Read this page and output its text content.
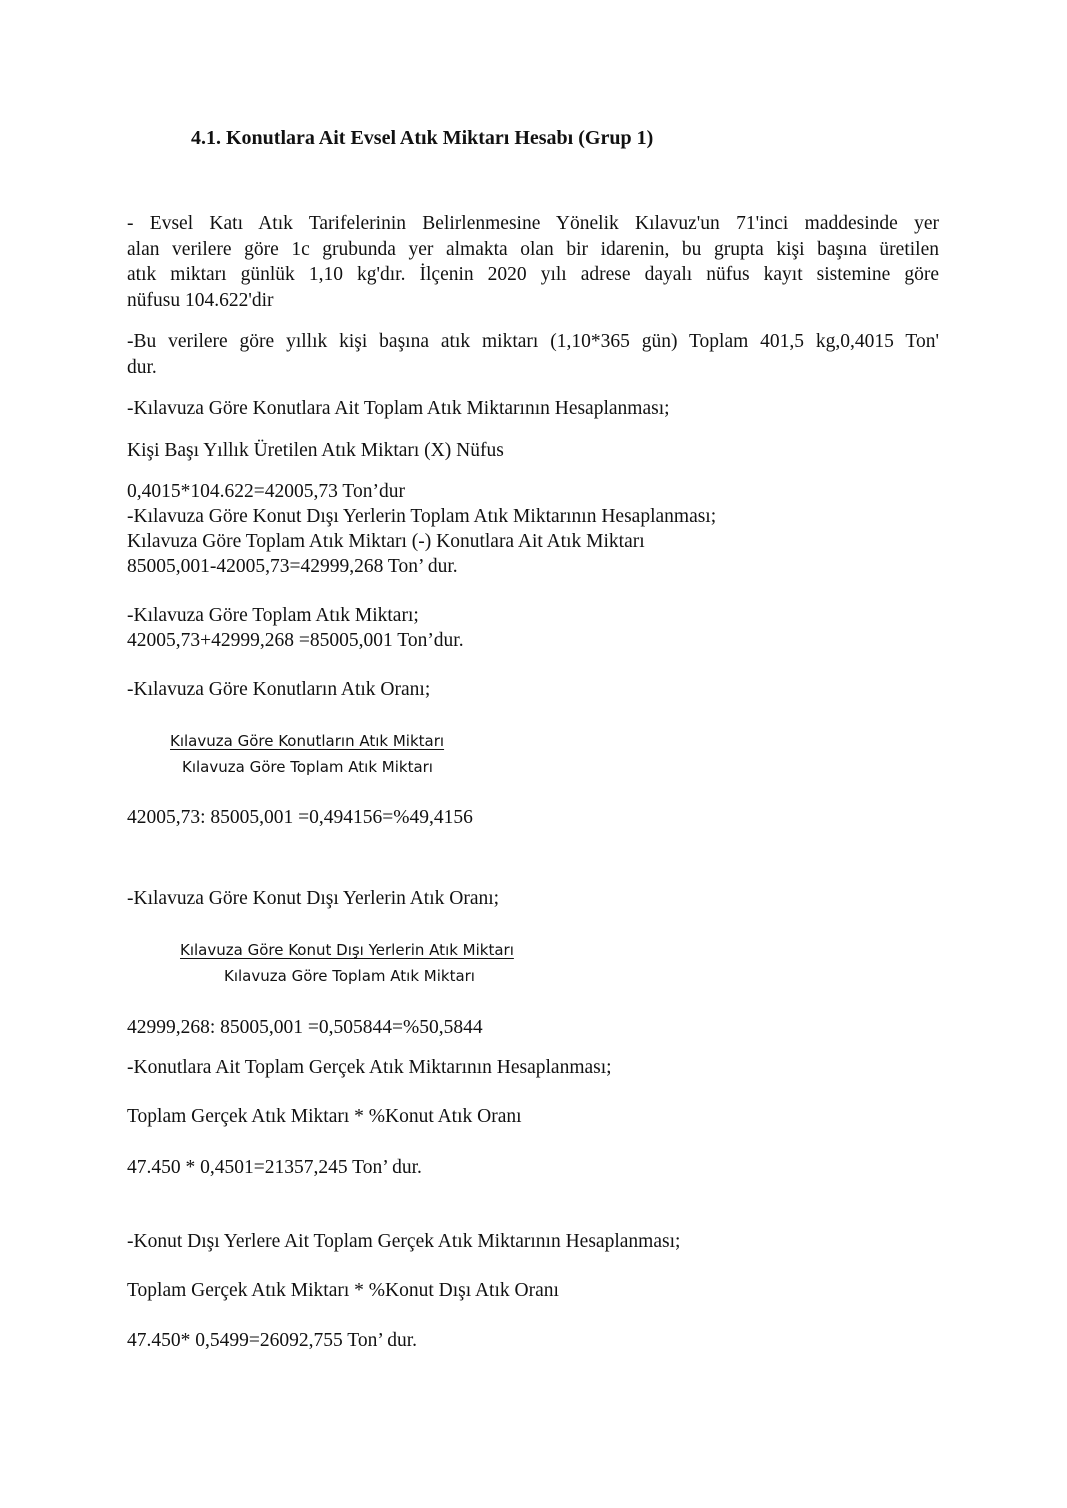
4.1. Konutlara Ait Evsel Atık Miktarı Hesabı (Grup 1)
- Evsel Katı Atık Tarifelerinin Belirlenmesine Yönelik Kılavuz'un 71'inci maddesinde yer
alan verilere göre 1c grubunda yer almakta olan bir idarenin, bu grupta kişi başına üretilen
atık miktarı günlük 1,10 kg'dır. İlçenin 2020 yılı adrese dayalı nüfus kayıt sistemine göre
nüfusu 104.622'dir
-Bu verilere göre yıllık kişi başına atık miktarı (1,10*365 gün) Toplam 401,5 kg,0,4015 Ton'
dur.
-Kılavuza Göre Konutlara Ait Toplam Atık Miktarının Hesaplanması;
Kişi Başı Yıllık Üretilen Atık Miktarı (X) Nüfus
0,4015*104.622=42005,73 Ton’dur
-Kılavuza Göre Konut Dışı Yerlerin Toplam Atık Miktarının Hesaplanması;
Kılavuza Göre Toplam Atık Miktarı (-) Konutlara Ait Atık Miktarı
85005,001-42005,73=42999,268 Ton’ dur.
-Kılavuza Göre Toplam Atık Miktarı;
42005,73+42999,268 =85005,001 Ton’dur.
-Kılavuza Göre Konutların Atık Oranı;
Kılavuza Göre Konutların Atık Miktarı
Kılavuza Göre Toplam Atık Miktarı
42005,73: 85005,001 =0,494156=%49,4156
-Kılavuza Göre Konut Dışı Yerlerin Atık Oranı;
Kılavuza Göre Konut Dışı Yerlerin Atık Miktarı
Kılavuza Göre Toplam Atık Miktarı
42999,268: 85005,001 =0,505844=%50,5844
-Konutlara Ait Toplam Gerçek Atık Miktarının Hesaplanması;
Toplam Gerçek Atık Miktarı * %Konut Atık Oranı
47.450 * 0,4501=21357,245 Ton’ dur.
-Konut Dışı Yerlere Ait Toplam Gerçek Atık Miktarının Hesaplanması;
Toplam Gerçek Atık Miktarı * %Konut Dışı Atık Oranı
47.450* 0,5499=26092,755 Ton’ dur.
